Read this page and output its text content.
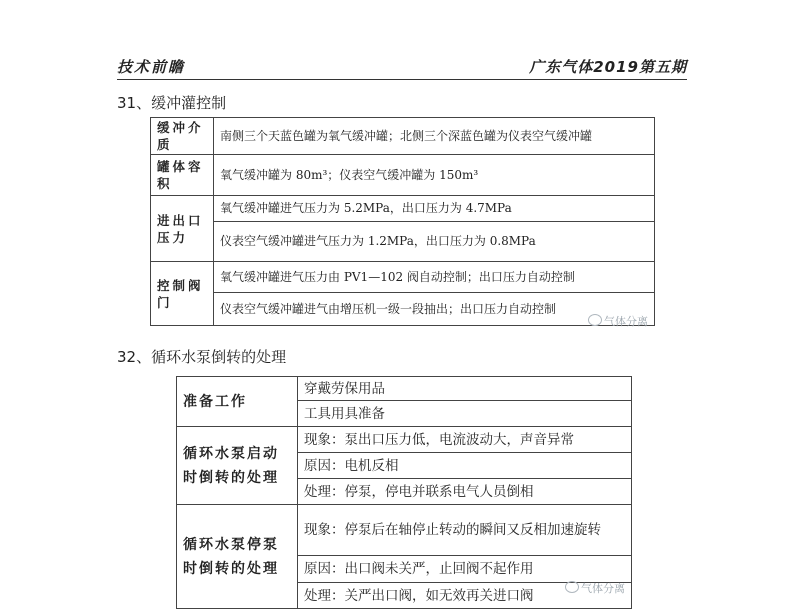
技术前瞻	广东气体2019第五期
31、缓冲灌控制
缓冲介质	南侧三个天蓝色罐为氧气缓冲罐；北侧三个深蓝色罐为仪表空气缓冲罐
罐体容积	氧气缓冲罐为 80m³；仪表空气缓冲罐为 150m³
进出口压力	氧气缓冲罐进气压力为 5.2MPa，出口压力为 4.7MPa
	仪表空气缓冲罐进气压力为 1.2MPa，出口压力为 0.8MPa
控制阀门	氧气缓冲罐进气压力由 PV1—102 阀自动控制；出口压力自动控制
	仪表空气缓冲罐进气由增压机一级一段抽出；出口压力自动控制
气体分离
32、循环水泵倒转的处理
准备工作	穿戴劳保用品
	工具用具准备
循环水泵启动时倒转的处理	现象：泵出口压力低，电流波动大，声音异常
	原因：电机反相
	处理：停泵，停电并联系电气人员倒相
循环水泵停泵时倒转的处理	现象：停泵后在轴停止转动的瞬间又反相加速旋转
	原因：出口阀未关严，止回阀不起作用
	处理：关严出口阀，如无效再关进口阀	气体分离
